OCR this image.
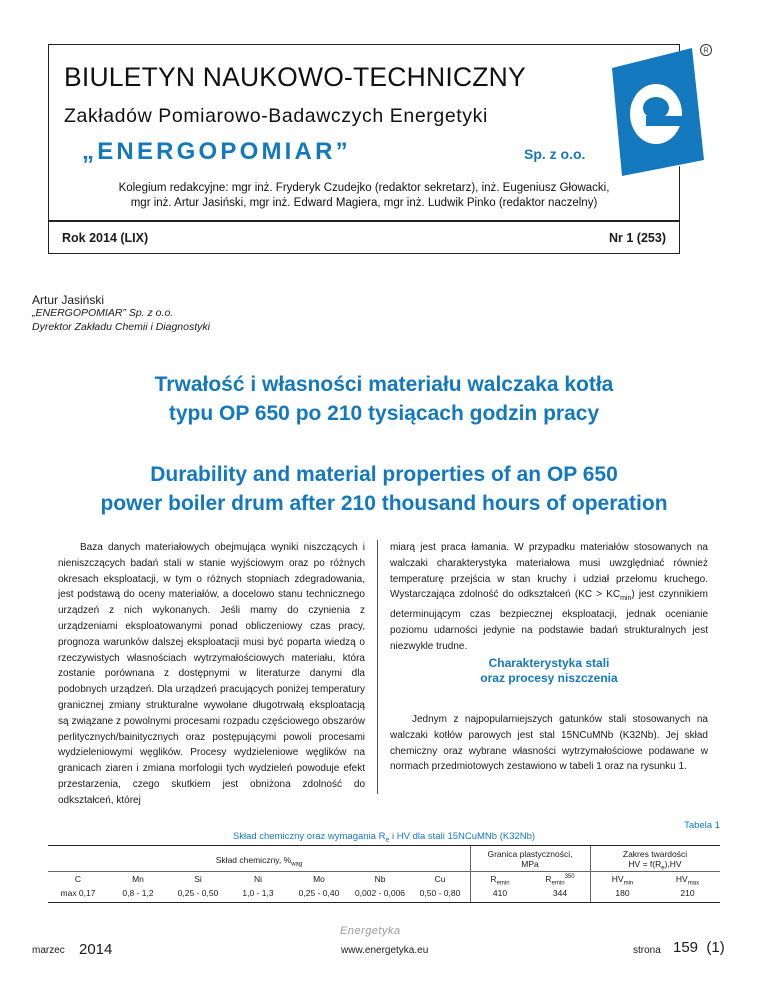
BIULETYN NAUKOWO-TECHNICZNY
Zakładów Pomiarowo-Badawczych Energetyki
„ENERGOPOMIAR”	Sp. z o.o.
R
Kolegium redakcyjne: mgr inż. Fryderyk Czudejko (redaktor sekretarz), inż. Eugeniusz Głowacki,
mgr inż. Artur Jasiński, mgr inż. Edward Magiera, mgr inż. Ludwik Pinko (redaktor naczelny)
Rok 2014 (LIX)	Nr 1 (253)
Artur Jasiński
„ENERGOPOMIAR” Sp. z o.o.
Dyrektor Zakładu Chemii i Diagnostyki
Trwałość i własności materiału walczaka kotła
typu OP 650 po 210 tysiącach godzin pracy
Durability and material properties of an OP 650
power boiler drum after 210 thousand hours of operation
Baza danych materiałowych obejmująca wyniki niszczących i nieniszczących badań stali w stanie wyjściowym oraz po różnych okresach eksploatacji, w tym o różnych stopniach zdegradowania, jest podstawą do oceny materiałów, a docelowo stanu technicznego urządzeń z nich wykonanych. Jeśli mamy do czynienia z urządzeniami eksploatowanymi ponad obliczeniowy czas pracy, prognoza warunków dalszej eksploatacji musi być poparta wiedzą o rzeczywistych własnościach wytrzymałościowych materiału, która zostanie porównana z dostępnymi w literaturze danymi dla podobnych urządzeń. Dla urządzeń pracujących poniżej temperatury granicznej zmiany strukturalne wywołane długotrwałą eksploatacją są związane z powolnymi procesami rozpadu częściowego obszarów perlitycznych/bainitycznych oraz postępującymi powoli procesami wydzieleniowymi węglików. Procesy wydzieleniowe węglików na granicach ziaren i zmiana morfologii tych wydzieleń powoduje efekt przestarzenia, czego skutkiem jest obniżona zdolność do odkształceń, której
miarą jest praca łamania. W przypadku materiałów stosowanych na walczaki charakterystyka materiałowa musi uwzględniać również temperaturę przejścia w stan kruchy i udział przełomu kruchego. Wystarczająca zdolność do odkształceń $(KC > KC_{min})$ jest czynnikiem determinującym czas bezpiecznej eksploatacji, jednak ocenianie poziomu udarności jedynie na podstawie badań strukturalnych jest niezwykle trudne.
Charakterystyka stali
oraz procesy niszczenia
Jednym z najpopularniejszych gatunków stali stosowanych na walczaki kotłów parowych jest stal 15NCuMNb (K32Nb). Jej skład chemiczny oraz wybrane własności wytrzymałościowe podawane w normach przedmiotowych zestawiono w tabeli 1 oraz na rysunku 1.
Tabela 1
Skład chemiczny oraz wymagania $R_e$ i HV dla stali 15NCuMNb (K32Nb)
Skład chemiczny, $\%_{wag}$
Granica plastyczności,
MPa
Zakres twardości
HV = $f(R_e),HV$
C	Mn	Si	Ni	Mo	Nb	Cu	$R_{emin}$	$R_{emin}^{350}$	$HV_{min}$	$HV_{max}$
max 0,17	0,8 - 1,2	0,25 - 0,50	1,0 - 1,3	0,25 - 0,40	0,002 - 0,006	0,50 - 0,80	410	344	180	210
marzec 2014
Energetyka
www.energetyka.eu	strona 159 (1)
